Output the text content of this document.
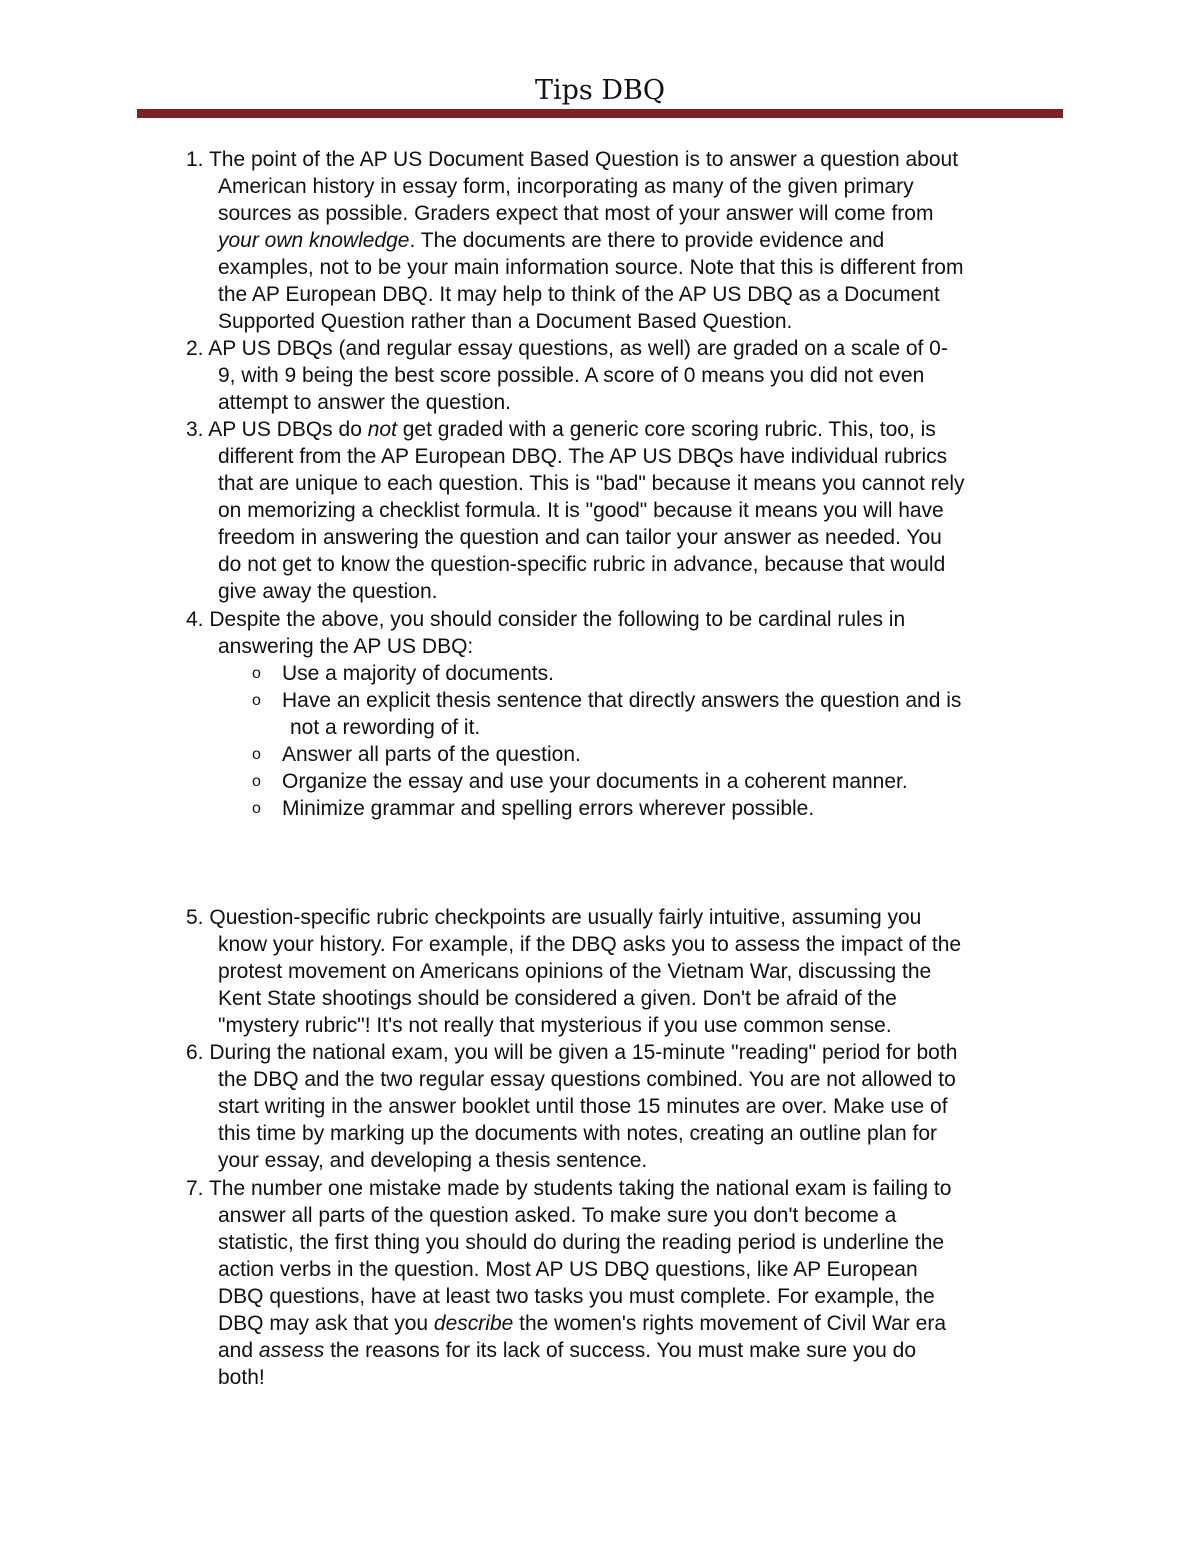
Tips DBQ
1. The point of the AP US Document Based Question is to answer a question about
American history in essay form, incorporating as many of the given primary
sources as possible. Graders expect that most of your answer will come from
your own knowledge. The documents are there to provide evidence and
examples, not to be your main information source. Note that this is different from
the AP European DBQ. It may help to think of the AP US DBQ as a Document
Supported Question rather than a Document Based Question.
2. AP US DBQs (and regular essay questions, as well) are graded on a scale of 0-
9, with 9 being the best score possible. A score of 0 means you did not even
attempt to answer the question.
3. AP US DBQs do not get graded with a generic core scoring rubric. This, too, is
different from the AP European DBQ. The AP US DBQs have individual rubrics
that are unique to each question. This is "bad" because it means you cannot rely
on memorizing a checklist formula. It is "good" because it means you will have
freedom in answering the question and can tailor your answer as needed. You
do not get to know the question-specific rubric in advance, because that would
give away the question.
4. Despite the above, you should consider the following to be cardinal rules in
answering the AP US DBQ:
o Use a majority of documents.
o Have an explicit thesis sentence that directly answers the question and is
not a rewording of it.
o Answer all parts of the question.
o Organize the essay and use your documents in a coherent manner.
o Minimize grammar and spelling errors wherever possible.
5. Question-specific rubric checkpoints are usually fairly intuitive, assuming you
know your history. For example, if the DBQ asks you to assess the impact of the
protest movement on Americans opinions of the Vietnam War, discussing the
Kent State shootings should be considered a given. Don't be afraid of the
"mystery rubric"! It's not really that mysterious if you use common sense.
6. During the national exam, you will be given a 15-minute "reading" period for both
the DBQ and the two regular essay questions combined. You are not allowed to
start writing in the answer booklet until those 15 minutes are over. Make use of
this time by marking up the documents with notes, creating an outline plan for
your essay, and developing a thesis sentence.
7. The number one mistake made by students taking the national exam is failing to
answer all parts of the question asked. To make sure you don't become a
statistic, the first thing you should do during the reading period is underline the
action verbs in the question. Most AP US DBQ questions, like AP European
DBQ questions, have at least two tasks you must complete. For example, the
DBQ may ask that you describe the women's rights movement of Civil War era
and assess the reasons for its lack of success. You must make sure you do
both!
